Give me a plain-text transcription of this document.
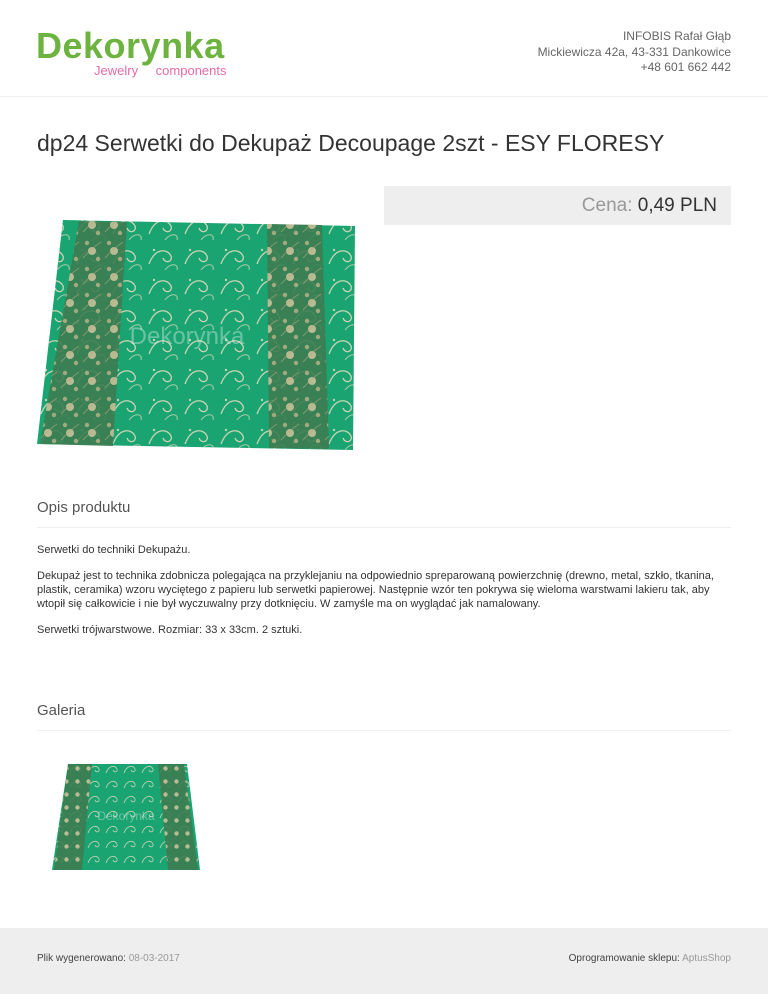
Dekorynka
Jewelry components
INFOBIS Rafał Głąb
Mickiewicza 42a, 43-331 Dankowice
+48 601 662 442
dp24 Serwetki do Dekupaż Decoupage 2szt - ESY FLORESY
Cena: 0,49 PLN
Dekorynka
Opis produktu

Serwetki do techniki Dekupażu.

Dekupaż jest to technika zdobnicza polegająca na przyklejaniu na odpowiednio spreparowaną powierzchnię (drewno, metal, szkło, tkanina, plastik, ceramika) wzoru wyciętego z papieru lub serwetki papierowej. Następnie wzór ten pokrywa się wieloma warstwami lakieru tak, aby wtopił się całkowicie i nie był wyczuwalny przy dotknięciu. W zamyśle ma on wyglądać jak namalowany.

Serwetki trójwarstwowe. Rozmiar: 33 x 33cm. 2 sztuki.

Galeria
Dekorynka
Plik wygenerowano: 08-03-2017	Oprogramowanie sklepu: AptusShop
